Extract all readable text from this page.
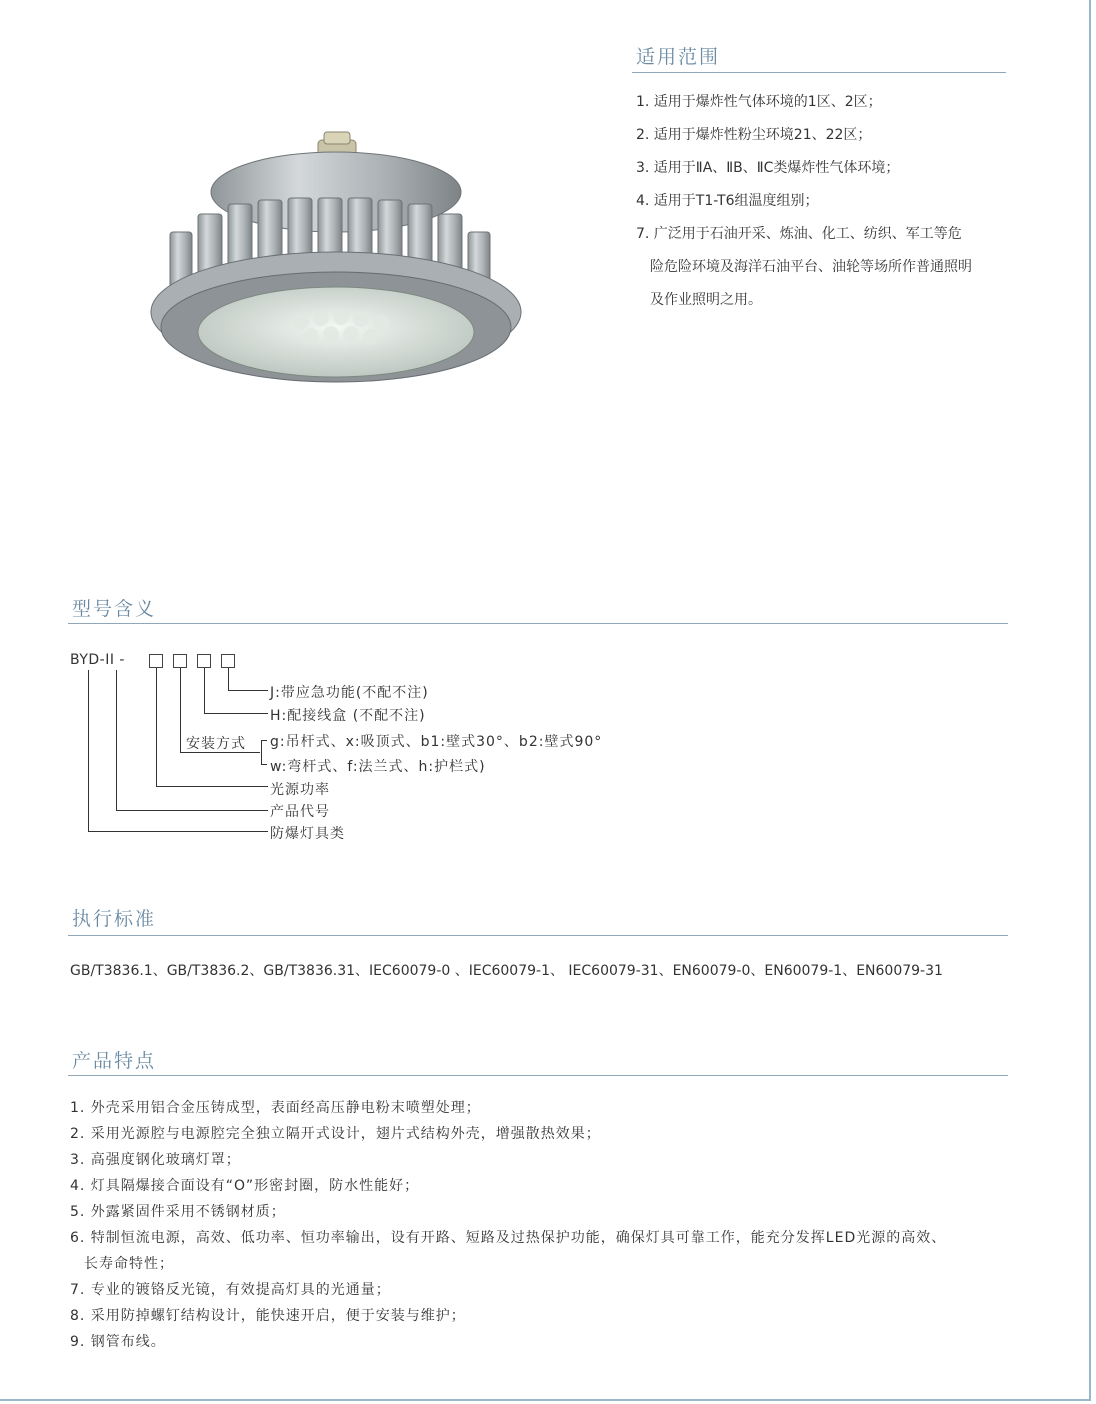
适用范围
1. 适用于爆炸性气体环境的1区、2区；
2. 适用于爆炸性粉尘环境21、22区；
3. 适用于ⅡA、ⅡB、ⅡC类爆炸性气体环境；
4. 适用于T1-T6组温度组别；
7. 广泛用于石油开采、炼油、化工、纺织、军工等危
险危险环境及海洋石油平台、油轮等场所作普通照明
及作业照明之用。
型号含义
BYD-II -
J:带应急功能(不配不注)
H:配接线盒 (不配不注)
安装方式 g:吊杆式、x:吸顶式、b1:壁式30°、b2:壁式90°
w:弯杆式、f:法兰式、h:护栏式)
光源功率
产品代号
防爆灯具类
执行标准
GB/T3836.1、GB/T3836.2、GB/T3836.31、IEC60079-0 、IEC60079-1、 IEC60079-31、EN60079-0、EN60079-1、EN60079-31
产品特点
1. 外壳采用铝合金压铸成型，表面经高压静电粉末喷塑处理；
2. 采用光源腔与电源腔完全独立隔开式设计，翅片式结构外壳，增强散热效果；
3. 高强度钢化玻璃灯罩；
4. 灯具隔爆接合面设有“O”形密封圈，防水性能好；
5. 外露紧固件采用不锈钢材质；
6. 特制恒流电源，高效、低功率、恒功率输出，设有开路、短路及过热保护功能，确保灯具可靠工作，能充分发挥LED光源的高效、
长寿命特性；
7. 专业的镀铬反光镜，有效提高灯具的光通量；
8. 采用防掉螺钉结构设计，能快速开启，便于安装与维护；
9. 钢管布线。
